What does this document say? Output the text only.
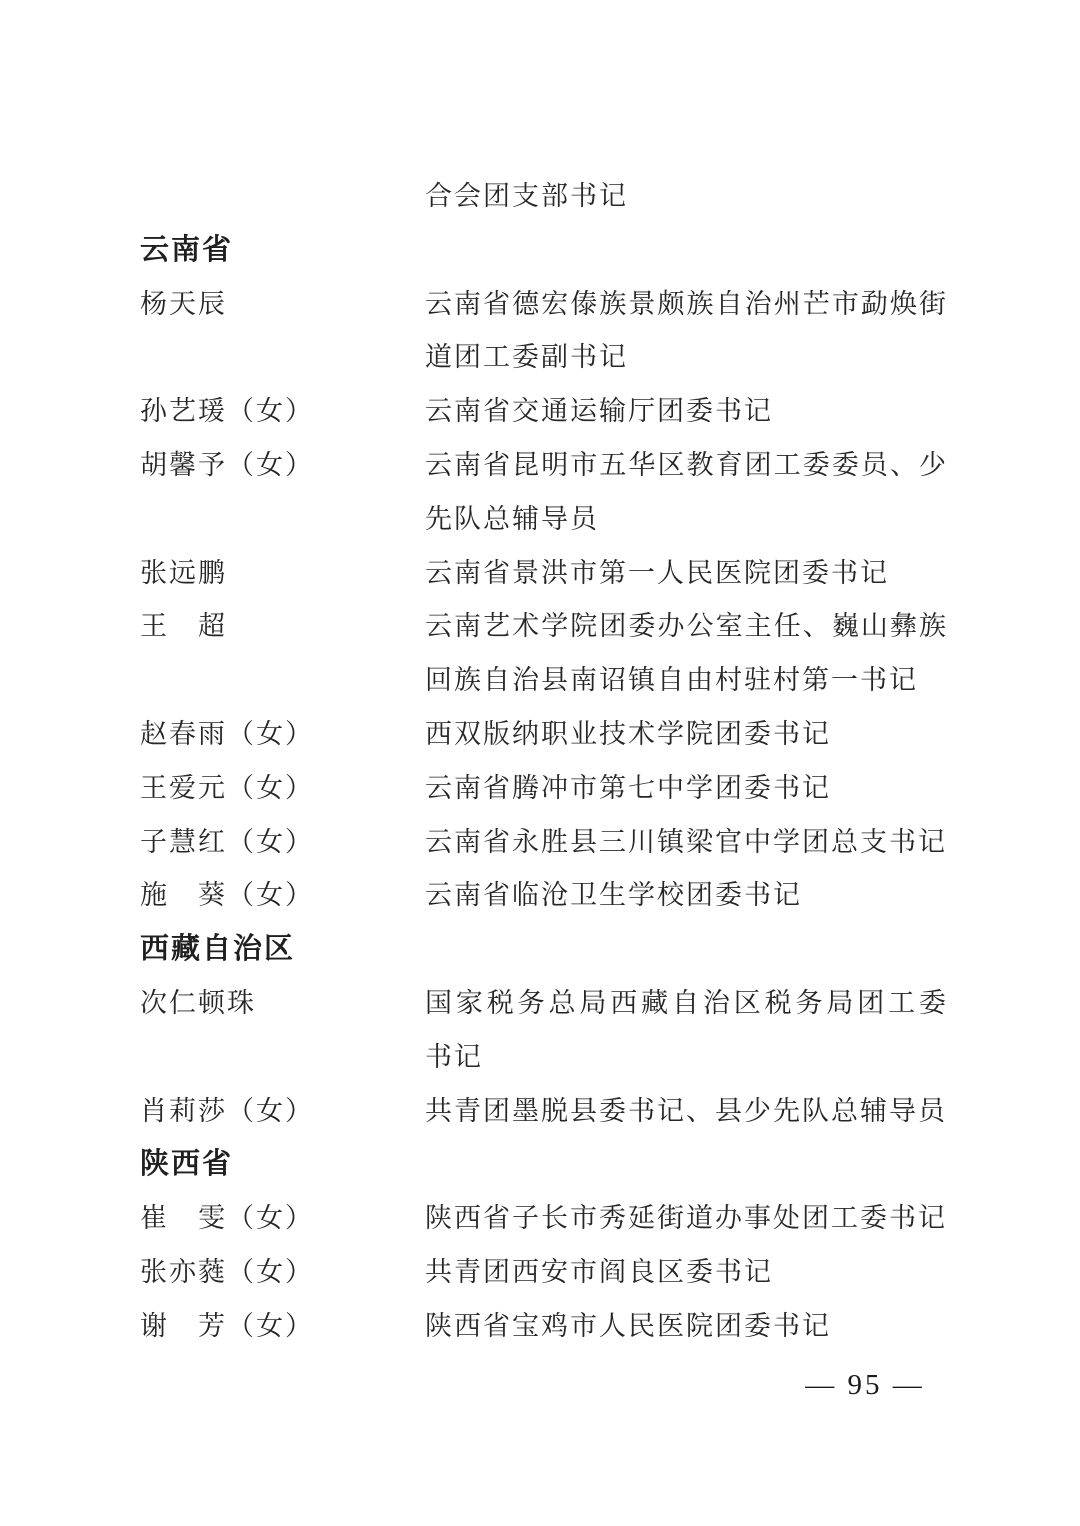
合会团支部书记
云南省
杨天辰	云南省德宏傣族景颇族自治州芒市勐焕街
道团工委副书记
孙艺瑗（女）	云南省交通运输厅团委书记
胡馨予（女）	云南省昆明市五华区教育团工委委员、少
先队总辅导员
张远鹏	云南省景洪市第一人民医院团委书记
王　超	云南艺术学院团委办公室主任、巍山彝族
回族自治县南诏镇自由村驻村第一书记
赵春雨（女）	西双版纳职业技术学院团委书记
王爱元（女）	云南省腾冲市第七中学团委书记
子慧红（女）	云南省永胜县三川镇梁官中学团总支书记
施　葵（女）	云南省临沧卫生学校团委书记
西藏自治区
次仁顿珠	国家税务总局西藏自治区税务局团工委
书记
肖莉莎（女）	共青团墨脱县委书记、县少先队总辅导员
陕西省
崔　雯（女）	陕西省子长市秀延街道办事处团工委书记
张亦蕤（女）	共青团西安市阎良区委书记
谢　芳（女）	陕西省宝鸡市人民医院团委书记
— 95 —
